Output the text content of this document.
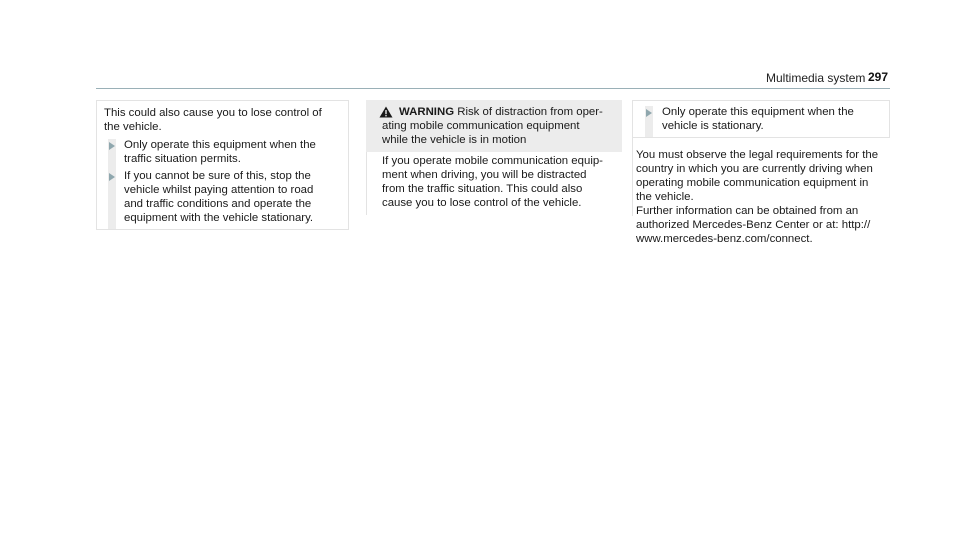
Multimedia system 297

This could also cause you to lose control of

the vehicle.

Only operate this equipment when the

traffic situation permits.

If you cannot be sure of this, stop the

vehicle whilst paying attention to road

and traffic conditions and operate the

equipment with the vehicle stationary.

WARNING Risk of distraction from oper-

ating mobile communication equipment

while the vehicle is in motion

If you operate mobile communication equip-

ment when driving, you will be distracted

from the traffic situation. This could also

cause you to lose control of the vehicle.

Only operate this equipment when the

vehicle is stationary.

You must observe the legal requirements for the

country in which you are currently driving when

operating mobile communication equipment in

the vehicle.

Further information can be obtained from an

authorized Mercedes-Benz Center or at: http://

www.mercedes-benz.com/connect.
